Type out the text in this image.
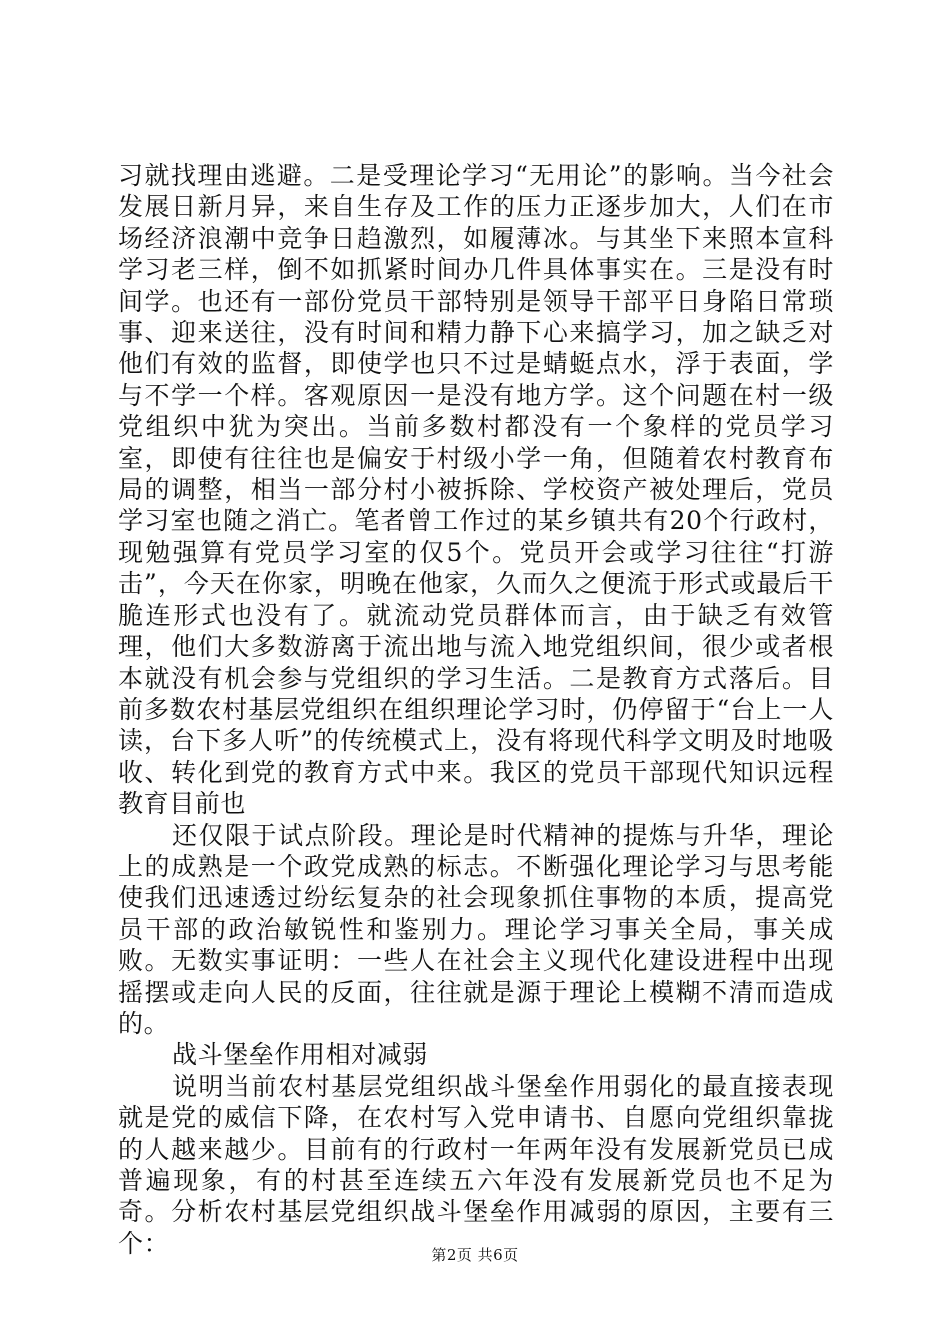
习就找理由逃避。二是受理论学习“无用论”的影响。当今社会发展日新月异，来自生存及工作的压力正逐步加大，人们在市场经济浪潮中竞争日趋激烈，如履薄冰。与其坐下来照本宣科学习老三样，倒不如抓紧时间办几件具体事实在。三是没有时间学。也还有一部份党员干部特别是领导干部平日身陷日常琐事、迎来送往，没有时间和精力静下心来搞学习，加之缺乏对他们有效的监督，即使学也只不过是蜻蜓点水，浮于表面，学与不学一个样。客观原因一是没有地方学。这个问题在村一级党组织中犹为突出。当前多数村都没有一个象样的党员学习室，即使有往往也是偏安于村级小学一角，但随着农村教育布局的调整，相当一部分村小被拆除、学校资产被处理后，党员学习室也随之消亡。笔者曾工作过的某乡镇共有20个行政村，现勉强算有党员学习室的仅5个。党员开会或学习往往“打游击”，今天在你家，明晚在他家，久而久之便流于形式或最后干脆连形式也没有了。就流动党员群体而言，由于缺乏有效管理，他们大多数游离于流出地与流入地党组织间，很少或者根本就没有机会参与党组织的学习生活。二是教育方式落后。目前多数农村基层党组织在组织理论学习时，仍停留于“台上一人读，台下多人听”的传统模式上，没有将现代科学文明及时地吸收、转化到党的教育方式中来。我区的党员干部现代知识远程教育目前也

还仅限于试点阶段。理论是时代精神的提炼与升华，理论上的成熟是一个政党成熟的标志。不断强化理论学习与思考能使我们迅速透过纷纭复杂的社会现象抓住事物的本质，提高党员干部的政治敏锐性和鉴别力。理论学习事关全局，事关成败。无数实事证明：一些人在社会主义现代化建设进程中出现摇摆或走向人民的反面，往往就是源于理论上模糊不清而造成的。

战斗堡垒作用相对减弱

说明当前农村基层党组织战斗堡垒作用弱化的最直接表现就是党的威信下降，在农村写入党申请书、自愿向党组织靠拢的人越来越少。目前有的行政村一年两年没有发展新党员已成普遍现象，有的村甚至连续五六年没有发展新党员也不足为奇。分析农村基层党组织战斗堡垒作用减弱的原因，主要有三个：	第2页 共6页
